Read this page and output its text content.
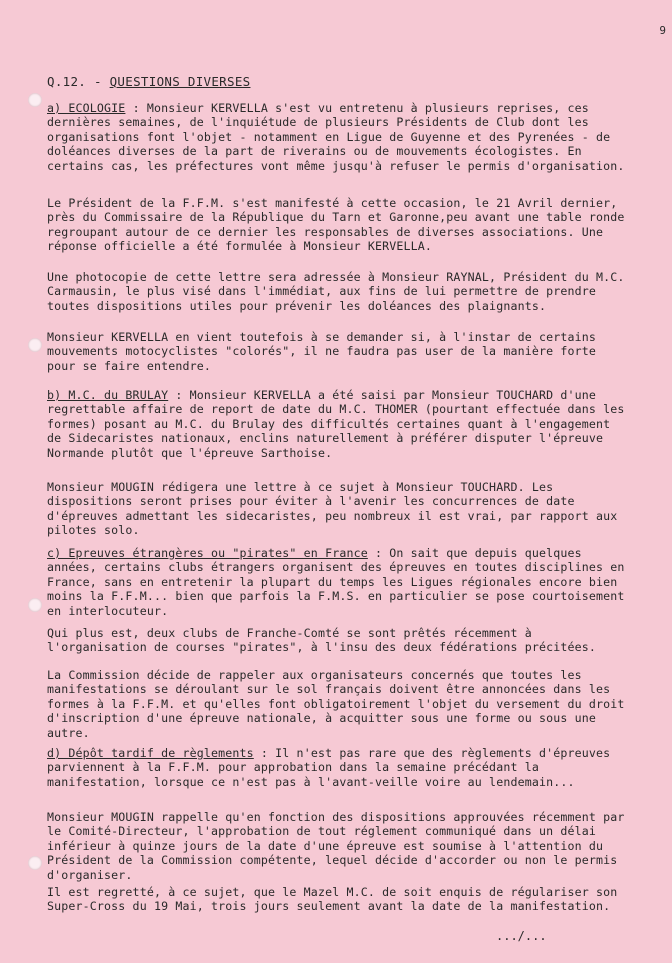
9
Q.12. - QUESTIONS DIVERSES
a) ECOLOGIE : Monsieur KERVELLA s'est vu entretenu à plusieurs reprises, ces dernières semaines, de l'inquiétude de plusieurs Présidents de Club dont les organisations font l'objet - notamment en Ligue de Guyenne et des Pyrenées - de doléances diverses de la part de riverains ou de mouvements écologistes. En certains cas, les préfectures vont même jusqu'à refuser le permis d'organisation.
Le Président de la F.F.M. s'est manifesté à cette occasion, le 21 Avril dernier, près du Commissaire de la République du Tarn et Garonne,peu avant une table ronde regroupant autour de ce dernier les responsables de diverses associations. Une réponse officielle a été formulée à Monsieur KERVELLA.
Une photocopie de cette lettre sera adressée à Monsieur RAYNAL, Président du M.C. Carmausin, le plus visé dans l'immédiat, aux fins de lui permettre de prendre toutes dispositions utiles pour prévenir les doléances des plaignants.
Monsieur KERVELLA en vient toutefois à se demander si, à l'instar de certains mouvements motocyclistes "colorés", il ne faudra pas user de la manière forte pour se faire entendre.
b) M.C. du BRULAY : Monsieur KERVELLA a été saisi par Monsieur TOUCHARD d'une regrettable affaire de report de date du M.C. THOMER (pourtant effectuée dans les formes) posant au M.C. du Brulay des difficultés certaines quant à l'engagement de Sidecaristes nationaux, enclins naturellement à préférer disputer l'épreuve Normande plutôt que l'épreuve Sarthoise.
Monsieur MOUGIN rédigera une lettre à ce sujet à Monsieur TOUCHARD. Les dispositions seront prises pour éviter à l'avenir les concurrences de date d'épreuves admettant les sidecaristes, peu nombreux il est vrai, par rapport aux pilotes solo.
c) Epreuves étrangères ou "pirates" en France : On sait que depuis quelques années, certains clubs étrangers organisent des épreuves en toutes disciplines en France, sans en entretenir la plupart du temps les Ligues régionales encore bien moins la F.F.M... bien que parfois la F.M.S. en particulier se pose courtoisement en interlocuteur.
Qui plus est, deux clubs de Franche-Comté se sont prêtés récemment à l'organisation de courses "pirates", à l'insu des deux fédérations précitées.
La Commission décide de rappeler aux organisateurs concernés que toutes les manifestations se déroulant sur le sol français doivent être annoncées dans les formes à la F.F.M. et qu'elles font obligatoirement l'objet du versement du droit d'inscription d'une épreuve nationale, à acquitter sous une forme ou sous une autre.
d) Dépôt tardif de règlements : Il n'est pas rare que des règlements d'épreuves parviennent à la F.F.M. pour approbation dans la semaine précédant la manifestation, lorsque ce n'est pas à l'avant-veille voire au lendemain...
Monsieur MOUGIN rappelle qu'en fonction des dispositions approuvées récemment par le Comité-Directeur, l'approbation de tout réglement communiqué dans un délai inférieur à quinze jours de la date d'une épreuve est soumise à l'attention du Président de la Commission compétente, lequel décide d'accorder ou non le permis d'organiser.
Il est regretté, à ce sujet, que le Mazel M.C. de soit enquis de régulariser son Super-Cross du 19 Mai, trois jours seulement avant la date de la manifestation.
.../...
